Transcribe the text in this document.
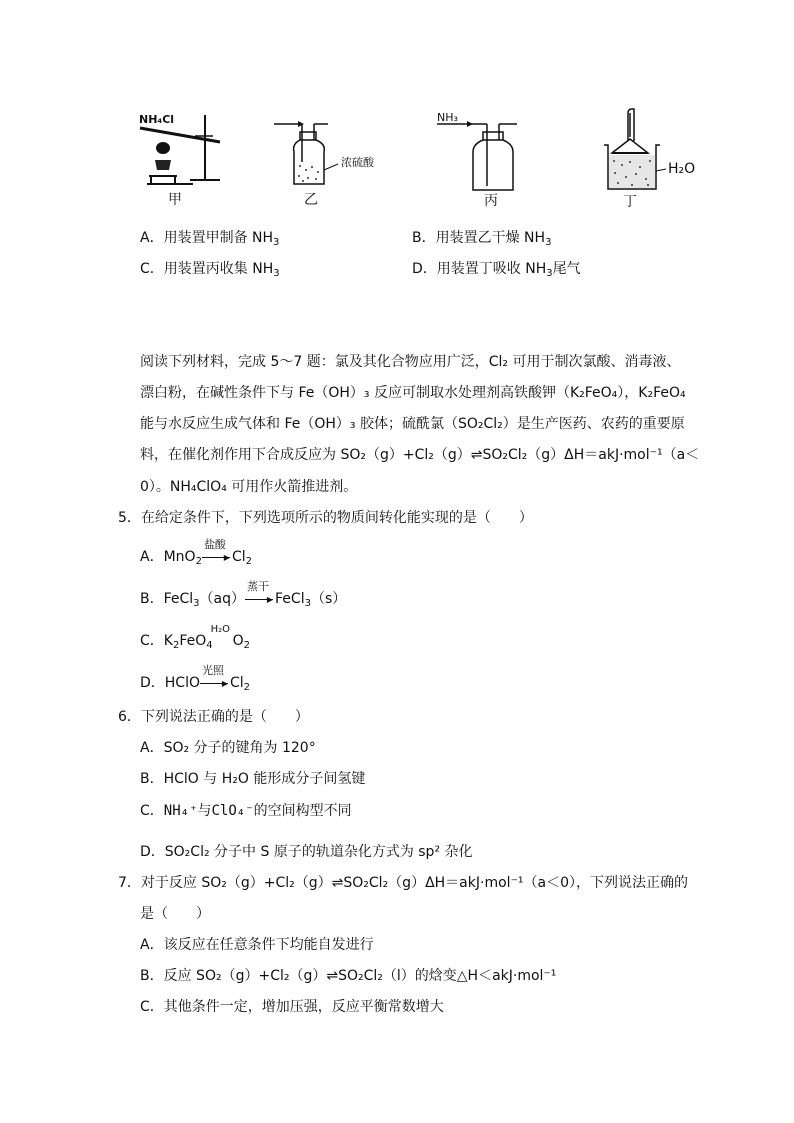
NH₄Cl
甲
浓硫酸
乙
NH₃
丙
H₂O
丁
A．用装置甲制备 $NH_3$	B．用装置乙干燥 $NH_3$
C．用装置丙收集 $NH_3$	D．用装置丁吸收 $NH_3$尾气
阅读下列材料，完成 5～7 题：氯及其化合物应用广泛，Cl₂ 可用于制次氯酸、消毒液、
漂白粉，在碱性条件下与 Fe（OH）₃ 反应可制取水处理剂高铁酸钾（K₂FeO₄），K₂FeO₄
能与水反应生成气体和 Fe（OH）₃ 胶体；硫酰氯（SO₂Cl₂）是生产医药、农药的重要原
料，在催化剂作用下合成反应为 SO₂（g）+Cl₂（g）⇌SO₂Cl₂（g）ΔH＝akJ·mol⁻¹（a＜
0）。NH₄ClO₄ 可用作火箭推进剂。
5．在给定条件下，下列选项所示的物质间转化能实现的是（　　）
A．MnO$_2$
盐酸
▶ $Cl_2$
B．FeCl$_3$（aq）
蒸干
▶ FeCl$_3$（s）
C．$K_2FeO_4$
H₂O
$O_2$
D．HClO
光照
▶ $Cl_2$
6．下列说法正确的是（　　）
A．SO₂ 分子的键角为 120°
B．HClO 与 H₂O 能形成分子间氢键
C．NH₄⁺与ClO₄⁻的空间构型不同
D．SO₂Cl₂ 分子中 S 原子的轨道杂化方式为 sp² 杂化
7．对于反应 SO₂（g）+Cl₂（g）⇌SO₂Cl₂（g）ΔH＝akJ·mol⁻¹（a＜0），下列说法正确的
是（　　）
A．该反应在任意条件下均能自发进行
B．反应 SO₂（g）+Cl₂（g）⇌SO₂Cl₂（l）的焓变△H＜akJ·mol⁻¹
C．其他条件一定，增加压强，反应平衡常数增大
